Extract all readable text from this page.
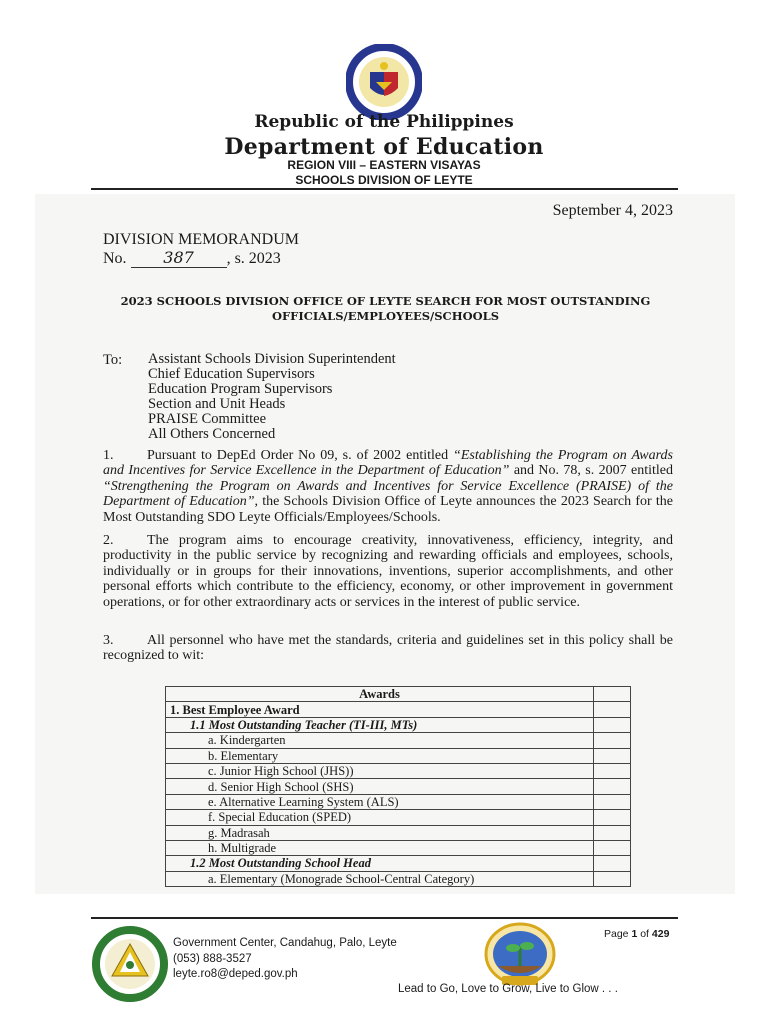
Republic of the Philippines
Department of Education
REGION VIII – EASTERN VISAYAS
SCHOOLS DIVISION OF LEYTE
September 4, 2023
DIVISION MEMORANDUM
No. 387 , s. 2023
2023 SCHOOLS DIVISION OFFICE OF LEYTE SEARCH FOR MOST OUTSTANDING
OFFICIALS/EMPLOYEES/SCHOOLS
To: Assistant Schools Division Superintendent
Chief Education Supervisors
Education Program Supervisors
Section and Unit Heads
PRAISE Committee
All Others Concerned
1. Pursuant to DepEd Order No 09, s. of 2002 entitled “Establishing the Program on Awards and Incentives for Service Excellence in the Department of Education” and No. 78, s. 2007 entitled “Strengthening the Program on Awards and Incentives for Service Excellence (PRAISE) of the Department of Education”, the Schools Division Office of Leyte announces the 2023 Search for the Most Outstanding SDO Leyte Officials/Employees/Schools.
2. The program aims to encourage creativity, innovativeness, efficiency, integrity, and productivity in the public service by recognizing and rewarding officials and employees, schools, individually or in groups for their innovations, inventions, superior accomplishments, and other personal efforts which contribute to the efficiency, economy, or other improvement in government operations, or for other extraordinary acts or services in the interest of public service.
3. All personnel who have met the standards, criteria and guidelines set in this policy shall be recognized to wit:
Awards	
1. Best Employee Award	
1.1 Most Outstanding Teacher (TI-III, MTs)	
a. Kindergarten	
b. Elementary	
c. Junior High School (JHS))	
d. Senior High School (SHS)	
e. Alternative Learning System (ALS)	
f. Special Education (SPED)	
g. Madrasah	
h. Multigrade	
1.2 Most Outstanding School Head	
a. Elementary (Monograde School-Central Category)	
Government Center, Candahug, Palo, Leyte
(053) 888-3527
leyte.ro8@deped.gov.ph
Page 1 of 429
Lead to Go, Love to Grow, Live to Glow . . .
